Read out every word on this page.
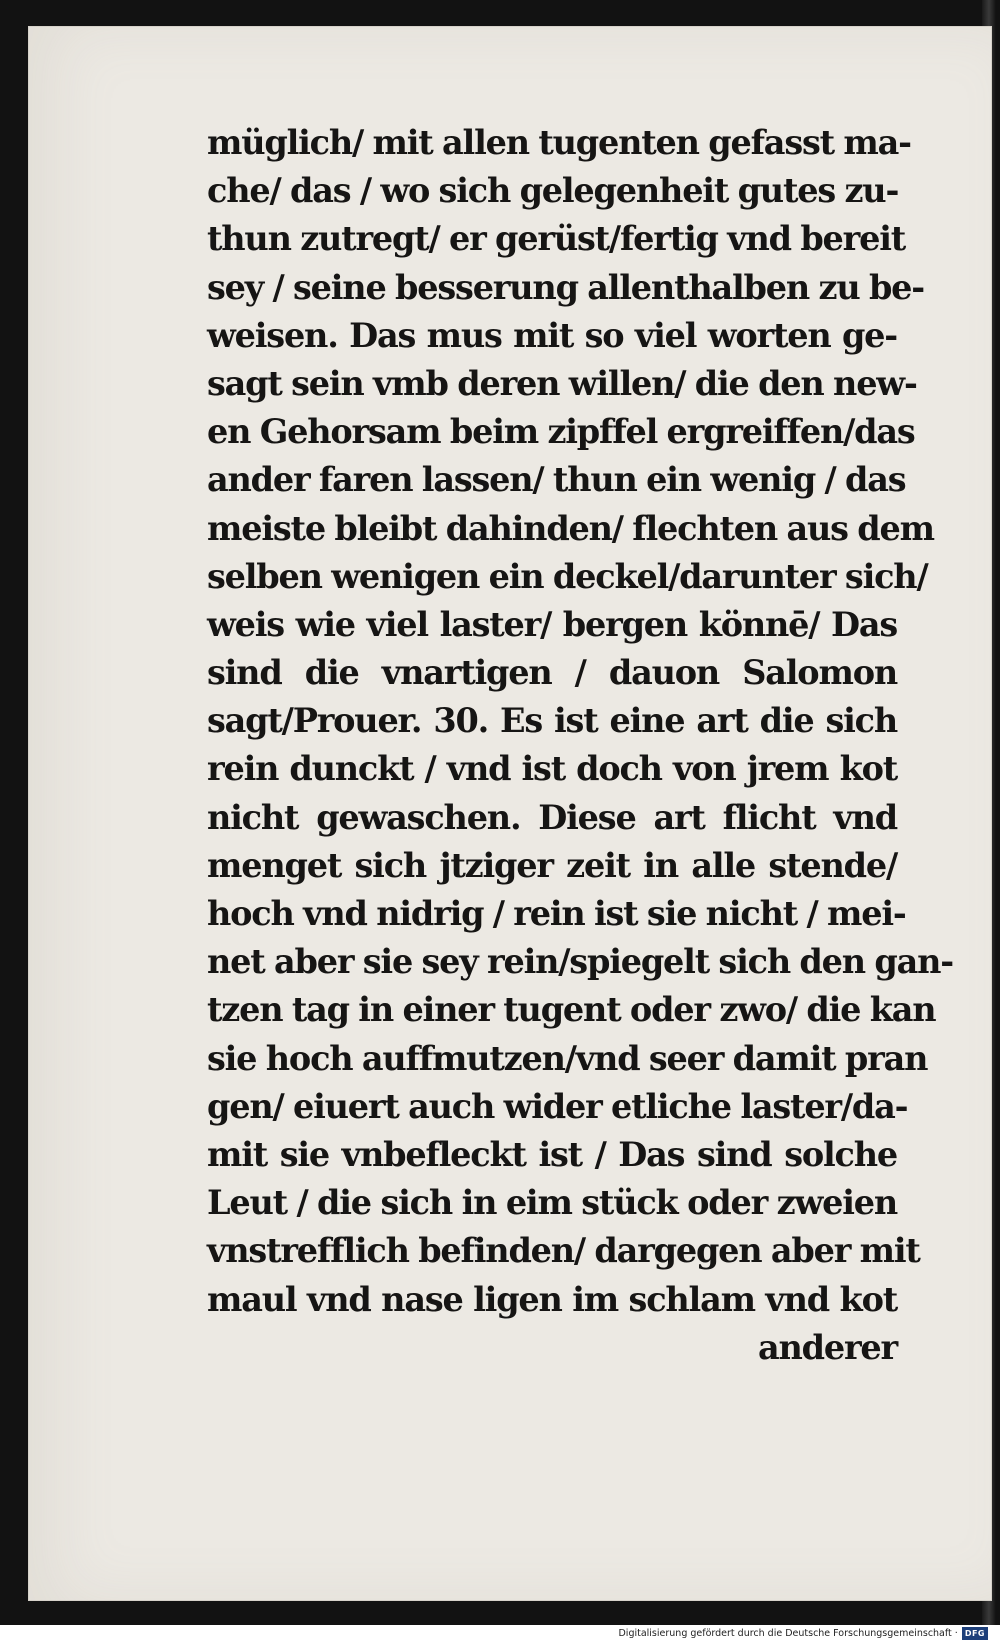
müglich/ mit allen tugenten gefasst ma-
che/ das / wo sich gelegenheit gutes zu-
thun zutregt/ er gerüst/fertig vnd bereit
sey / seine besserung allenthalben zu be-
weisen. Das mus mit so viel worten ge-
sagt sein vmb deren willen/ die den new-
en Gehorsam beim zipffel ergreiffen/das
ander faren lassen/ thun ein wenig / das
meiste bleibt dahinden/ flechten aus dem
selben wenigen ein deckel/darunter sich/
weis wie viel laster/ bergen könnē/ Das
sind die vnartigen / dauon Salomon
sagt/Prouer. 30. Es ist eine art die sich
rein dunckt / vnd ist doch von jrem kot
nicht gewaschen. Diese art flicht vnd
menget sich jtziger zeit in alle stende/
hoch vnd nidrig / rein ist sie nicht / mei-
net aber sie sey rein/spiegelt sich den gan-
tzen tag in einer tugent oder zwo/ die kan
sie hoch auffmutzen/vnd seer damit pran
gen/ eiuert auch wider etliche laster/da-
mit sie vnbefleckt ist / Das sind solche
Leut / die sich in eim stück oder zweien
vnstrefflich befinden/ dargegen aber mit
maul vnd nase ligen im schlam vnd kot
anderer
Digitalisierung gefördert durch die Deutsche Forschungsgemeinschaft · DFG
